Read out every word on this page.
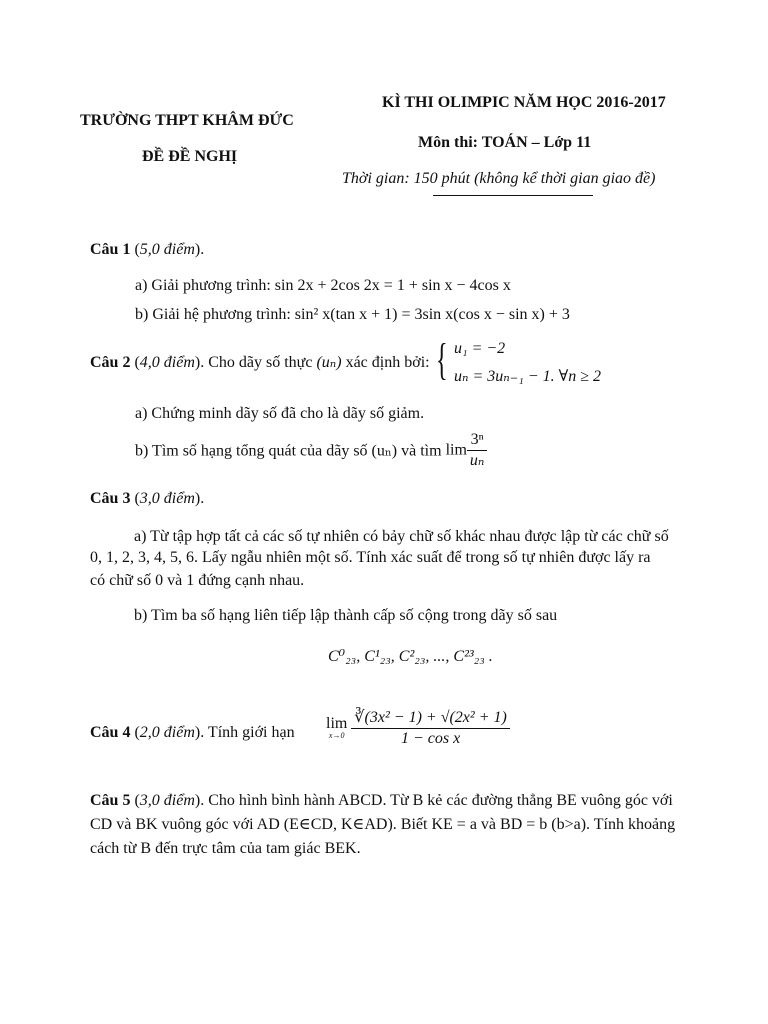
TRƯỜNG THPT KHÂM ĐỨC
ĐỀ ĐỀ NGHỊ
KÌ THI OLIMPIC NĂM HỌC 2016-2017
Môn thi: TOÁN – Lớp 11
Thời gian: 150 phút (không kể thời gian giao đề)
Câu 1 (5,0 điểm).
a) Giải phương trình: sin 2x + 2cos 2x = 1 + sin x − 4cos x
b) Giải hệ phương trình: sin² x(tan x + 1) = 3sin x(cos x − sin x) + 3
Câu 2 (4,0 điểm). Cho dãy số thực (uₙ) xác định bởi: { u₁ = −2
uₙ = 3uₙ₋₁ − 1. ∀n ≥ 2
a) Chứng minh dãy số đã cho là dãy số giảm.
b) Tìm số hạng tổng quát của dãy số (uₙ) và tìm $\lim \frac{\text{3ⁿ}}{\text{uₙ}}$
Câu 3 (3,0 điểm).
a) Từ tập hợp tất cả các số tự nhiên có bảy chữ số khác nhau được lập từ các chữ số
0, 1, 2, 3, 4, 5, 6. Lấy ngẫu nhiên một số. Tính xác suất để trong số tự nhiên được lấy ra
có chữ số 0 và 1 đứng cạnh nhau.
b) Tìm ba số hạng liên tiếp lập thành cấp số cộng trong dãy số sau
C⁰₂₃, C¹₂₃, C²₂₃, ..., C²³₂₃ .
Câu 4 (2,0 điểm). Tính giới hạn
lim
x→0
$\frac{\text{∛(3x² − 1) + √(2x² + 1)}}{\text{1 − cos x}}$
Câu 5 (3,0 điểm). Cho hình bình hành ABCD. Từ B kẻ các đường thẳng BE vuông góc với
CD và BK vuông góc với AD (E∈CD, K∈AD). Biết KE = a và BD = b (b>a). Tính khoảng
cách từ B đến trực tâm của tam giác BEK.
